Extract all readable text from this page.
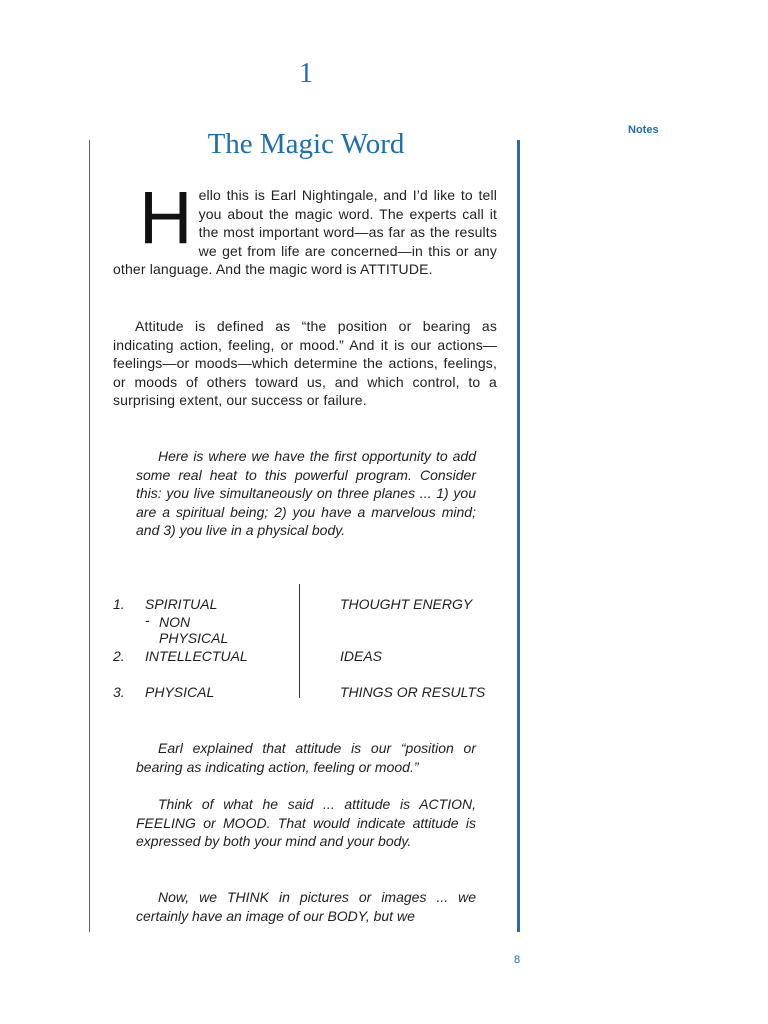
1
Notes
The Magic Word
Hello this is Earl Nightingale, and I’d like to tell you about the magic word. The experts call it the most important word—as far as the results we get from life are concerned—in this or any other language. And the magic word is ATTITUDE.
Attitude is defined as “the position or bearing as indicating action, feeling, or mood.” And it is our actions—feelings—or moods—which determine the actions, feelings, or moods of others toward us, and which control, to a surprising extent, our success or failure.
Here is where we have the first opportunity to add some real heat to this powerful program. Consider this: you live simultaneously on three planes ... 1) you are a spiritual being; 2) you have a marvelous mind; and 3) you live in a physical body.
1. SPIRITUAL -
THOUGHT ENERGY
NON PHYSICAL
2. INTELLECTUAL	IDEAS
3. PHYSICAL	THINGS OR RESULTS
Earl explained that attitude is our “position or bearing as indicating action, feeling or mood.”
Think of what he said ... attitude is ACTION, FEELING or MOOD. That would indicate attitude is expressed by both your mind and your body.
Now, we THINK in pictures or images ... we certainly have an image of our BODY, but we
8
